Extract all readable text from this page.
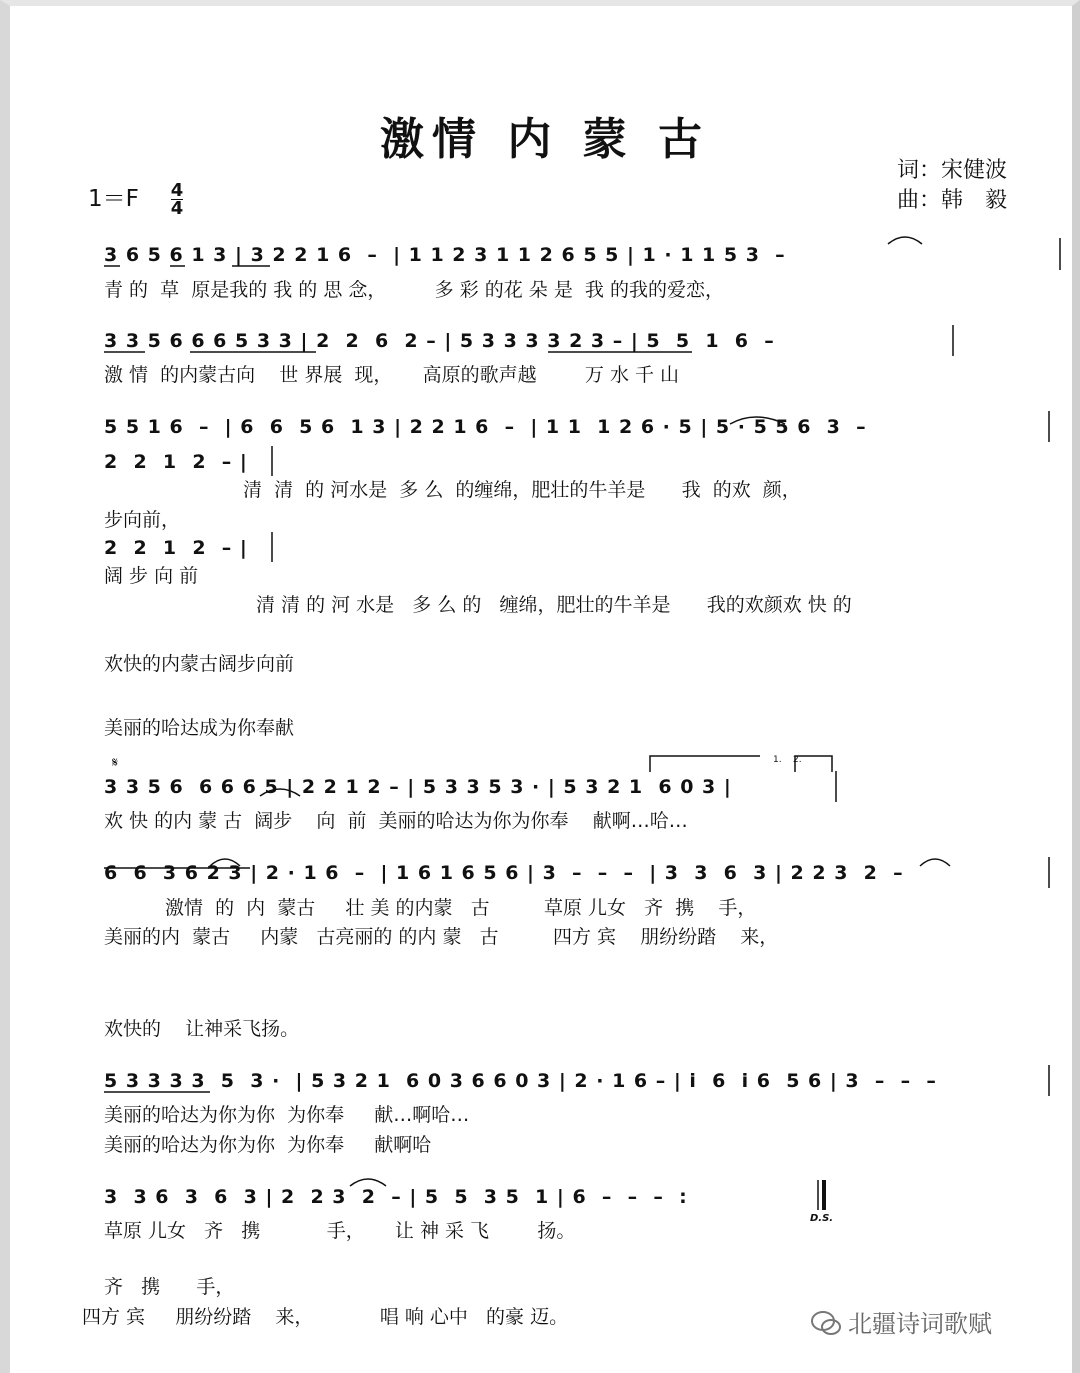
激情 内 蒙 古
词：宋健波
曲：韩　毅
1＝F 4
4
3 6 5 6 1 3 | 3 2 2 1 6  –  | 1 1 2 3 1 1 2 6 5 5 | 1 · 1 1 5 3  –
青 的  草  原是我的 我 的 思 念，        多 彩 的花 朵 是  我 的我的爱恋，
3 3 5 6 6 6 5 3 3 | 2  2  6  2 – | 5 3 3 3 3 2 3 – | 5  5  1  6  –
激 情  的内蒙古向    世 界展  现，     高原的歌声越        万 水 千 山
5 5 1 6  –  | 6  6  5 6  1 3 | 2 2 1 6  –  | 1 1  1 2 6 · 5 | 5 · 5 5 6  3  –
2  2  1  2  – |
清  清  的 河水是  多 么  的缠绵，肥壮的牛羊是      我  的欢  颜，
步向前，
2  2  1  2  – |
阔 步 向 前
清 清 的 河 水是   多 么 的   缠绵，肥壮的牛羊是      我的欢颜欢 快 的
欢快的内蒙古阔步向前
美丽的哈达成为你奉献
𝄋	1.    2.
3 3 5 6  6 6 6 5 | 2 2 1 2 – | 5 3 3 5 3 · | 5 3 2 1  6 0 3 |
欢 快 的内 蒙 古  阔步    向  前  美丽的哈达为你为你奉    献啊…哈…
6  6  3 6 2 3 | 2 · 1 6  –  | 1 6 1 6 5 6 | 3  –  –  –  | 3  3  6  3 | 2 2 3  2  –
激情  的  内  蒙古     壮 美 的内蒙   古         草原 儿女   齐  携    手，
美丽的内  蒙古     内蒙   古亮丽的 的内 蒙   古         四方 宾    朋纷纷踏    来，
欢快的    让神采飞扬。
5 3 3 3 3  5  3 ·  | 5 3 2 1  6 0 3 6 6 0 3 | 2 · 1 6 – | i  6  i 6  5 6 | 3  –  –  –
美丽的哈达为你为你  为你奉     献…啊哈…
美丽的哈达为你为你  为你奉     献啊哈
3  3 6  3  6  3 | 2  2 3  2  – | 5  5  3 5  1 | 6  –  –  –  :
D.S.
草原 儿女   齐   携           手，     让 神 采 飞        扬。
齐   携      手，
四方 宾     朋纷纷踏    来，           唱 响 心中   的豪 迈。	北疆诗词歌赋
